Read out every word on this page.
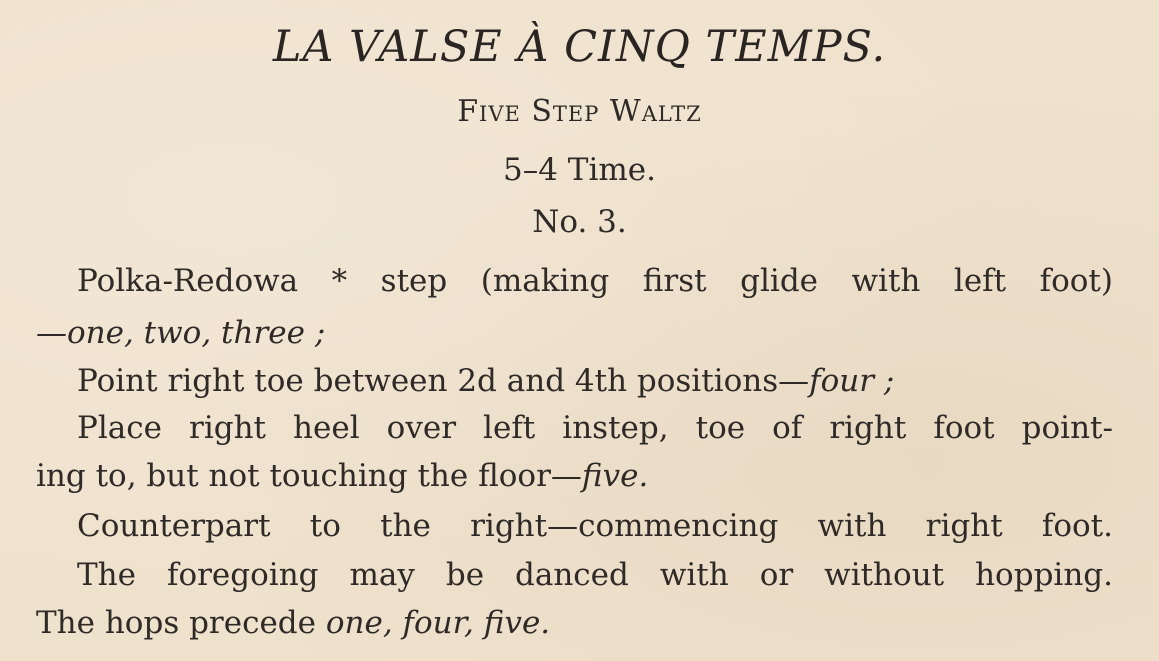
LA VALSE À CINQ TEMPS.
Five Step Waltz
5–4 Time.
No. 3.
Polka-Redowa * step (making first glide with left foot)
—one, two, three ;
Point right toe between 2d and 4th positions—four ;
Place right heel over left instep, toe of right foot point-
ing to, but not touching the floor—five.
Counterpart to the right—commencing with right foot.
The foregoing may be danced with or without hopping.
The hops precede one, four, five.
